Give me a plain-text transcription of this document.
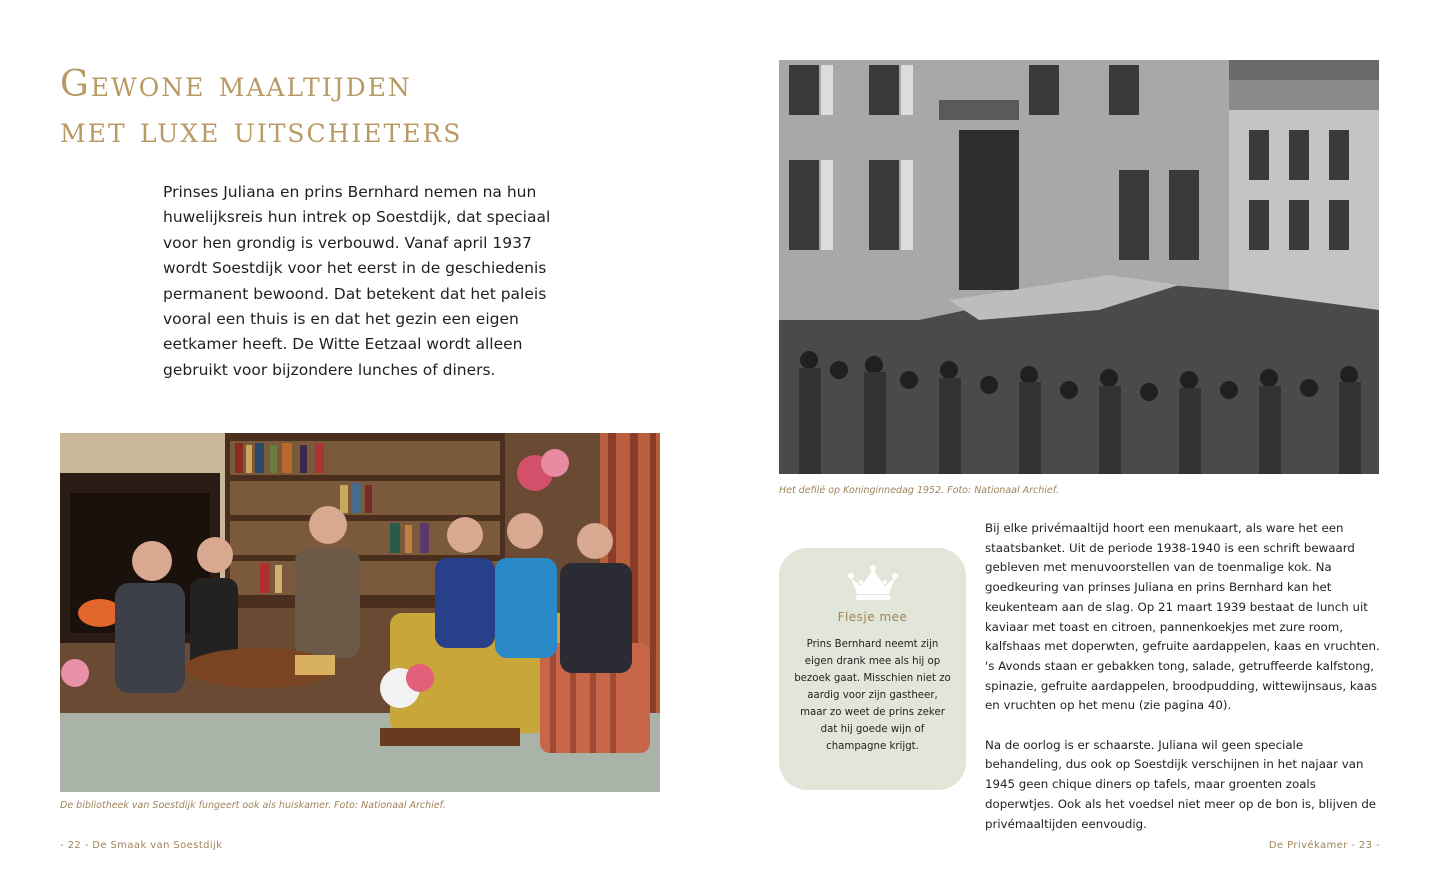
Gewone maaltijden
met luxe uitschieters

Prinses Juliana en prins Bernhard nemen na hun huwelijksreis hun intrek op Soestdijk, dat speciaal voor hen grondig is verbouwd. Vanaf april 1937 wordt Soestdijk voor het eerst in de geschiedenis permanent bewoond. Dat betekent dat het paleis vooral een thuis is en dat het gezin een eigen eetkamer heeft. De Witte Eetzaal wordt alleen gebruikt voor bijzondere lunches of diners.

De bibliotheek van Soestdijk fungeert ook als huiskamer. Foto: Nationaal Archief.

Het defilé op Koninginnedag 1952. Foto: Nationaal Archief.

Flesje mee

Prins Bernhard neemt zijn eigen drank mee als hij op bezoek gaat. Misschien niet zo aardig voor zijn gastheer, maar zo weet de prins zeker dat hij goede wijn of champagne krijgt.

Bij elke privémaaltijd hoort een menukaart, als ware het een staatsbanket. Uit de periode 1938-1940 is een schrift bewaard gebleven met menuvoorstellen van de toenmalige kok. Na goedkeuring van prinses Juliana en prins Bernhard kan het keukenteam aan de slag. Op 21 maart 1939 bestaat de lunch uit kaviaar met toast en citroen, pannenkoekjes met zure room, kalfshaas met doperwten, gefruite aardappelen, kaas en vruchten. 's Avonds staan er gebakken tong, salade, getruffeerde kalfstong, spinazie, gefruite aardappelen, broodpudding, wittewijnsaus, kaas en vruchten op het menu (zie pagina 40).

Na de oorlog is er schaarste. Juliana wil geen speciale behandeling, dus ook op Soestdijk verschijnen in het najaar van 1945 geen chique diners op tafels, maar groenten zoals doperwtjes. Ook als het voedsel niet meer op de bon is, blijven de privémaaltijden eenvoudig.

- 22 - De Smaak van Soestdijk	De Privékamer - 23 -
